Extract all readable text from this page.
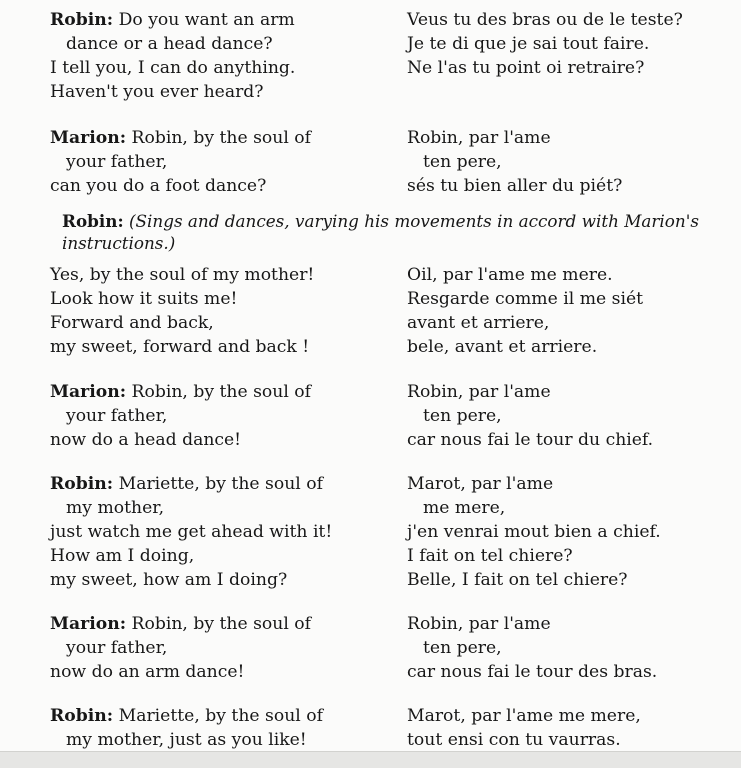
Robin: Do you want an arm
dance or a head dance?
I tell you, I can do anything.
Haven't you ever heard?
Veus tu des bras ou de le teste?
Je te di que je sai tout faire.
Ne l'as tu point oi retraire?
Marion: Robin, by the soul of
your father,
can you do a foot dance?
Robin, par l'ame
ten pere,
sés tu bien aller du piét?
Robin: (Sings and dances, varying his movements in accord with Marion's
instructions.)
Yes, by the soul of my mother!
Look how it suits me!
Forward and back,
my sweet, forward and back !
Oil, par l'ame me mere.
Resgarde comme il me siét
avant et arriere,
bele, avant et arriere.
Marion: Robin, by the soul of
your father,
now do a head dance!
Robin, par l'ame
ten pere,
car nous fai le tour du chief.
Robin: Mariette, by the soul of
my mother,
just watch me get ahead with it!
How am I doing,
my sweet, how am I doing?
Marot, par l'ame
me mere,
j'en venrai mout bien a chief.
I fait on tel chiere?
Belle, I fait on tel chiere?
Marion: Robin, by the soul of
your father,
now do an arm dance!
Robin, par l'ame
ten pere,
car nous fai le tour des bras.
Robin: Mariette, by the soul of
my mother, just as you like!
Marot, par l'ame me mere,
tout ensi con tu vaurras.
